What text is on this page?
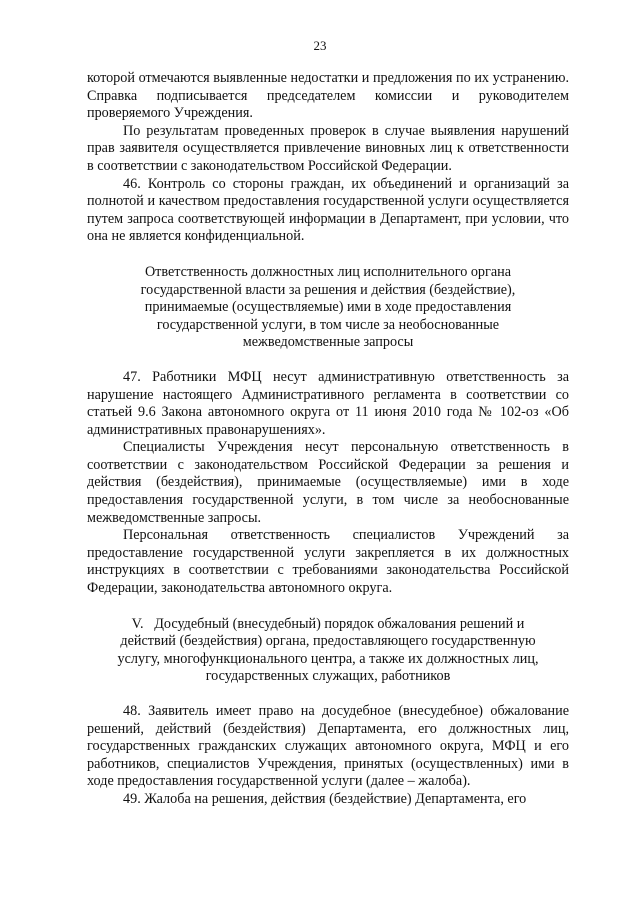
23

которой отмечаются выявленные недостатки и предложения по их устранению. Справка подписывается председателем комиссии и руководителем проверяемого Учреждения.

По результатам проведенных проверок в случае выявления нарушений прав заявителя осуществляется привлечение виновных лиц к ответственности в соответствии с законодательством Российской Федерации.

46. Контроль со стороны граждан, их объединений и организаций за полнотой и качеством предоставления государственной услуги осуществляется путем запроса соответствующей информации в Департамент, при условии, что она не является конфиденциальной.

Ответственность должностных лиц исполнительного органа
государственной власти за решения и действия (бездействие),
принимаемые (осуществляемые) ими в ходе предоставления
государственной услуги, в том числе за необоснованные
межведомственные запросы

47. Работники МФЦ несут административную ответственность за нарушение настоящего Административного регламента в соответствии со статьей 9.6 Закона автономного округа от 11 июня 2010 года № 102-оз «Об административных правонарушениях».

Специалисты Учреждения несут персональную ответственность в соответствии с законодательством Российской Федерации за решения и действия (бездействия), принимаемые (осуществляемые) ими в ходе предоставления государственной услуги, в том числе за необоснованные межведомственные запросы.

Персональная ответственность специалистов Учреждений за предоставление государственной услуги закрепляется в их должностных инструкциях в соответствии с требованиями законодательства Российской Федерации, законодательства автономного округа.

V.   Досудебный (внесудебный) порядок обжалования решений и
действий (бездействия) органа, предоставляющего государственную
услугу, многофункционального центра, а также их должностных лиц,
государственных служащих, работников

48. Заявитель имеет право на досудебное (внесудебное) обжалование решений, действий (бездействия) Департамента, его должностных лиц, государственных гражданских служащих автономного округа, МФЦ и его работников, специалистов Учреждения, принятых (осуществленных) ими в ходе предоставления государственной услуги (далее – жалоба).

49. Жалоба на решения, действия (бездействие) Департамента, его
